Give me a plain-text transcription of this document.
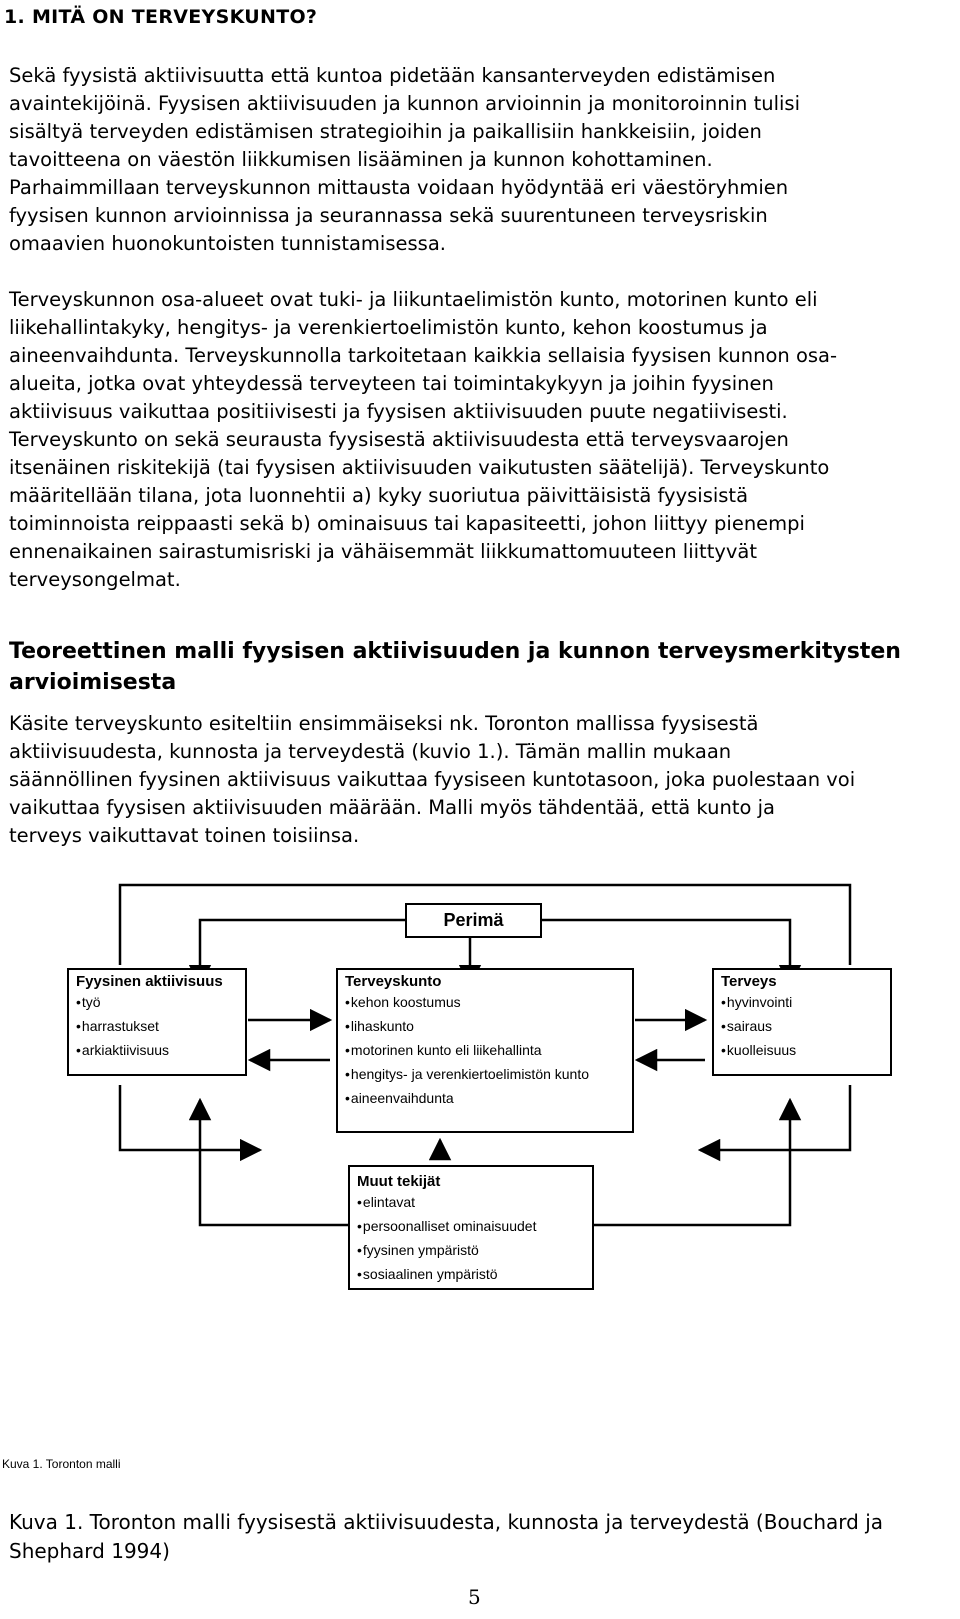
1. MITÄ ON TERVEYSKUNTO?
Sekä fyysistä aktiivisuutta että kuntoa pidetään kansanterveyden edistämisen
avaintekijöinä. Fyysisen aktiivisuuden ja kunnon arvioinnin ja monitoroinnin tulisi
sisältyä terveyden edistämisen strategioihin ja paikallisiin hankkeisiin, joiden
tavoitteena on väestön liikkumisen lisääminen ja kunnon kohottaminen.
Parhaimmillaan terveyskunnon mittausta voidaan hyödyntää eri väestöryhmien
fyysisen kunnon arvioinnissa ja seurannassa sekä suurentuneen terveysriskin
omaavien huonokuntoisten tunnistamisessa.
Terveyskunnon osa-alueet ovat tuki- ja liikuntaelimistön kunto, motorinen kunto eli
liikehallintakyky, hengitys- ja verenkiertoelimistön kunto, kehon koostumus ja
aineenvaihdunta. Terveyskunnolla tarkoitetaan kaikkia sellaisia fyysisen kunnon osa-
alueita, jotka ovat yhteydessä terveyteen tai toimintakykyyn ja joihin fyysinen
aktiivisuus vaikuttaa positiivisesti ja fyysisen aktiivisuuden puute negatiivisesti.
Terveyskunto on sekä seurausta fyysisestä aktiivisuudesta että terveysvaarojen
itsenäinen riskitekijä (tai fyysisen aktiivisuuden vaikutusten säätelijä). Terveyskunto
määritellään tilana, jota luonnehtii a) kyky suoriutua päivittäisistä fyysisistä
toiminnoista reippaasti sekä b) ominaisuus tai kapasiteetti, johon liittyy pienempi
ennenaikainen sairastumisriski ja vähäisemmät liikkumattomuuteen liittyvät
terveysongelmat.
Teoreettinen malli fyysisen aktiivisuuden ja kunnon terveysmerkitysten arvioimisesta
Käsite terveyskunto esiteltiin ensimmäiseksi nk. Toronton mallissa fyysisestä
aktiivisuudesta, kunnosta ja terveydestä (kuvio 1.). Tämän mallin mukaan
säännöllinen fyysinen aktiivisuus vaikuttaa fyysiseen kuntotasoon, joka puolestaan voi
vaikuttaa fyysisen aktiivisuuden määrään. Malli myös tähdentää, että kunto ja
terveys vaikuttavat toinen toisiinsa.
Perimä
Fyysinen aktiivisuus
• työ
• harrastukset
• arkiaktiivisuus
Terveyskunto
• kehon koostumus
• lihaskunto
• motorinen kunto eli liikehallinta
• hengitys- ja verenkiertoelimistön kunto
• aineenvaihdunta
Terveys
• hyvinvointi
• sairaus
• kuolleisuus
Muut tekijät
• elintavat
• persoonalliset ominaisuudet
• fyysinen ympäristö
• sosiaalinen ympäristö
Kuva 1. Toronton malli
Kuva 1. Toronton malli fyysisestä aktiivisuudesta, kunnosta ja terveydestä (Bouchard ja Shephard 1994)
5
